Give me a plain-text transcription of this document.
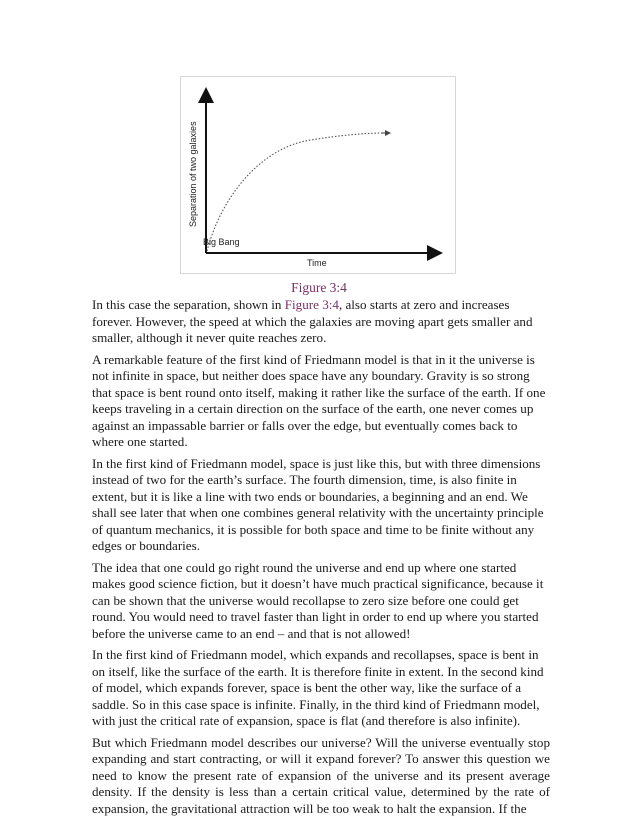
Separation of two galaxies
Big Bang
Time
Figure 3:4

In this case the separation, shown in Figure 3:4, also starts at zero and increases forever. However, the speed at which the galaxies are moving apart gets smaller and smaller, although it never quite reaches zero.

A remarkable feature of the first kind of Friedmann model is that in it the universe is not infinite in space, but neither does space have any boundary. Gravity is so strong that space is bent round onto itself, making it rather like the surface of the earth. If one keeps traveling in a certain direction on the surface of the earth, one never comes up against an impassable barrier or falls over the edge, but eventually comes back to where one started.

In the first kind of Friedmann model, space is just like this, but with three dimensions instead of two for the earth’s surface. The fourth dimension, time, is also finite in extent, but it is like a line with two ends or boundaries, a beginning and an end. We shall see later that when one combines general relativity with the uncertainty principle of quantum mechanics, it is possible for both space and time to be finite without any edges or boundaries.

The idea that one could go right round the universe and end up where one started makes good science fiction, but it doesn’t have much practical significance, because it can be shown that the universe would recollapse to zero size before one could get round. You would need to travel faster than light in order to end up where you started before the universe came to an end – and that is not allowed!

In the first kind of Friedmann model, which expands and recollapses, space is bent in on itself, like the surface of the earth. It is therefore finite in extent. In the second kind of model, which expands forever, space is bent the other way, like the surface of a saddle. So in this case space is infinite. Finally, in the third kind of Friedmann model, with just the critical rate of expansion, space is flat (and therefore is also infinite).

But which Friedmann model describes our universe? Will the universe eventually stop expanding and start contracting, or will it expand forever? To answer this question we need to know the present rate of expansion of the universe and its present average density. If the density is less than a certain critical value, determined by the rate of expansion, the gravitational attraction will be too weak to halt the expansion. If the
